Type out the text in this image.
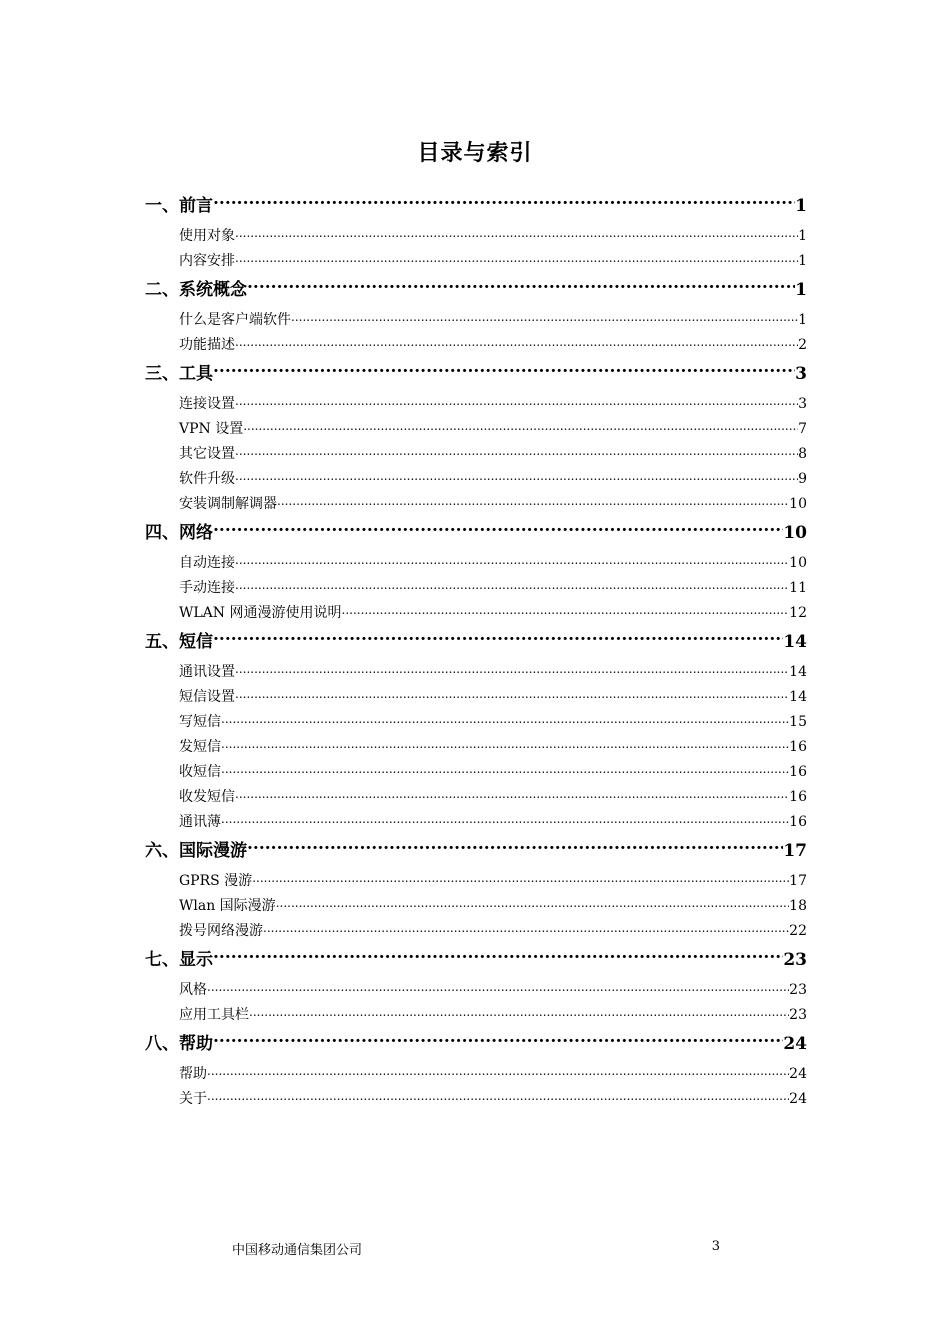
目录与索引
一、前言 .....	1
使用对象 .....	1
内容安排 .....	1
二、系统概念 .....	1
什么是客户端软件 .....	1
功能描述 .....	2
三、工具 .....	3
连接设置 .....	3
VPN 设置 .....	7
其它设置 .....	8
软件升级 .....	9
安装调制解调器 .....	10
四、网络 .....	10
自动连接 .....	10
手动连接 .....	11
WLAN 网通漫游使用说明 .....	12
五、短信 .....	14
通讯设置 .....	14
短信设置 .....	14
写短信 .....	15
发短信 .....	16
收短信 .....	16
收发短信 .....	16
通讯薄 .....	16
六、国际漫游 .....	17
GPRS 漫游 .....	17
Wlan 国际漫游 .....	18
拨号网络漫游 .....	22
七、显示 .....	23
风格 .....	23
应用工具栏 .....	23
八、帮助 .....	24
帮助 .....	24
关于 .....	24
中国移动通信集团公司	3
